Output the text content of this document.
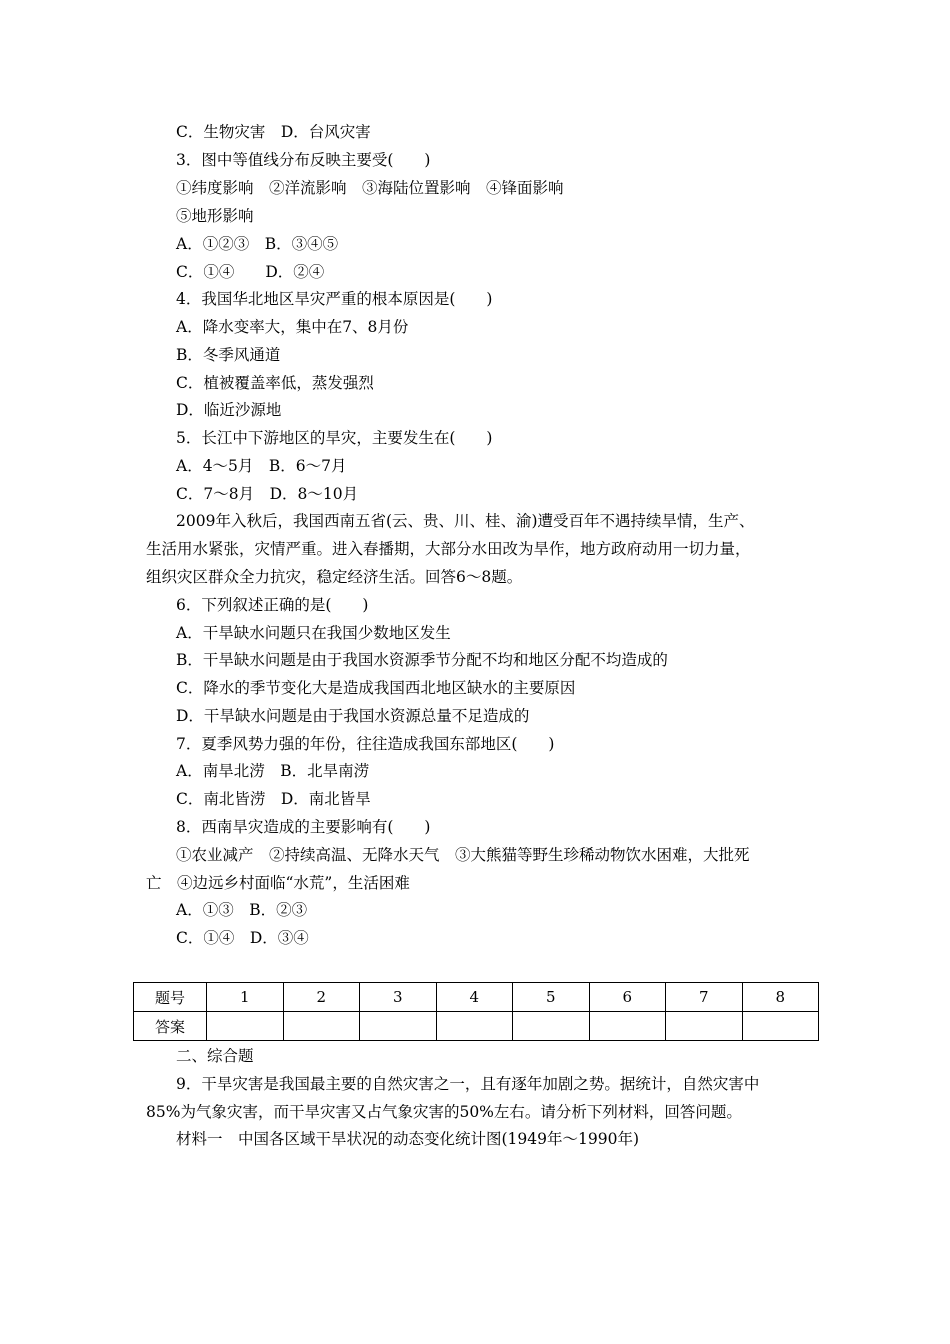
C．生物灾害　D．台风灾害
3．图中等值线分布反映主要受(　　)
①纬度影响　②洋流影响　③海陆位置影响　④锋面影响
⑤地形影响
A．①②③　B．③④⑤
C．①④　　D．②④
4．我国华北地区旱灾严重的根本原因是(　　)
A．降水变率大，集中在7、8月份
B．冬季风通道
C．植被覆盖率低，蒸发强烈
D．临近沙源地
5．长江中下游地区的旱灾，主要发生在(　　)
A．4～5月　B．6～7月
C．7～8月　D．8～10月
2009年入秋后，我国西南五省(云、贵、川、桂、渝)遭受百年不遇持续旱情，生产、
生活用水紧张，灾情严重。进入春播期，大部分水田改为旱作，地方政府动用一切力量，
组织灾区群众全力抗灾，稳定经济生活。回答6～8题。
6．下列叙述正确的是(　　)
A．干旱缺水问题只在我国少数地区发生
B．干旱缺水问题是由于我国水资源季节分配不均和地区分配不均造成的
C．降水的季节变化大是造成我国西北地区缺水的主要原因
D．干旱缺水问题是由于我国水资源总量不足造成的
7．夏季风势力强的年份，往往造成我国东部地区(　　)
A．南旱北涝　B．北旱南涝
C．南北皆涝　D．南北皆旱
8．西南旱灾造成的主要影响有(　　)
①农业减产　②持续高温、无降水天气　③大熊猫等野生珍稀动物饮水困难，大批死
亡　④边远乡村面临“水荒”，生活困难
A．①③　B．②③
C．①④　D．③④
题号	1	2	3	4	5	6	7	8
答案								
二、综合题
9．干旱灾害是我国最主要的自然灾害之一，且有逐年加剧之势。据统计，自然灾害中
85%为气象灾害，而干旱灾害又占气象灾害的50%左右。请分析下列材料，回答问题。
材料一　中国各区域干旱状况的动态变化统计图(1949年～1990年)
